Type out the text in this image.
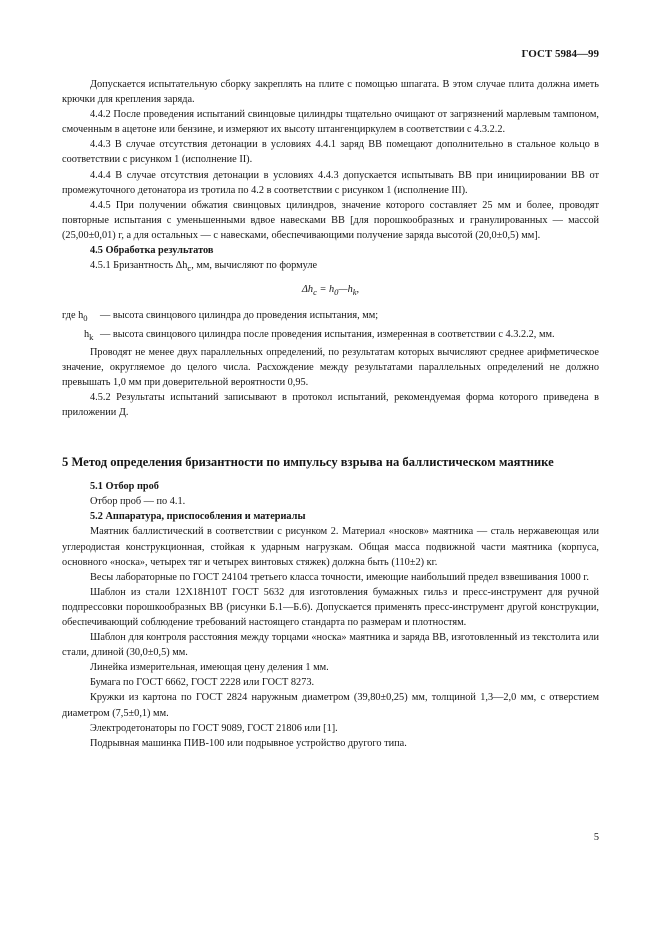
ГОСТ 5984—99

Допускается испытательную сборку закреплять на плите с помощью шпагата. В этом случае плита должна иметь крючки для крепления заряда.

4.4.2 После проведения испытаний свинцовые цилиндры тщательно очищают от загрязнений марлевым тампоном, смоченным в ацетоне или бензине, и измеряют их высоту штангенциркулем в соответствии с 4.3.2.2.

4.4.3 В случае отсутствия детонации в условиях 4.4.1 заряд ВВ помещают дополнительно в стальное кольцо в соответствии с рисунком 1 (исполнение II).

4.4.4 В случае отсутствия детонации в условиях 4.4.3 допускается испытывать ВВ при инициировании ВВ от промежуточного детонатора из тротила по 4.2 в соответствии с рисунком 1 (исполнение III).

4.4.5 При получении обжатия свинцовых цилиндров, значение которого составляет 25 мм и более, проводят повторные испытания с уменьшенными вдвое навесками ВВ [для порошкообразных и гранулированных — массой (25,00±0,01) г, а для остальных — с навесками, обеспечивающими получение заряда высотой (20,0±0,5) мм].

4.5 Обработка результатов

4.5.1 Бризантность $\Delta h_c$, мм, вычисляют по формуле

$\Delta h_c$ = $h_0—h_k$,

где $h_0$	— высота свинцового цилиндра до проведения испытания, мм;
$h_k$ — высота свинцового цилиндра после проведения испытания, измеренная в соответствии с 4.3.2.2, мм.

Проводят не менее двух параллельных определений, по результатам которых вычисляют среднее арифметическое значение, округляемое до целого числа. Расхождение между результатами параллельных определений не должно превышать 1,0 мм при доверительной вероятности 0,95.

4.5.2 Результаты испытаний записывают в протокол испытаний, рекомендуемая форма которого приведена в приложении Д.

5 Метод определения бризантности по импульсу взрыва на баллистическом маятнике

5.1 Отбор проб

Отбор проб — по 4.1.

5.2 Аппаратура, приспособления и материалы

Маятник баллистический в соответствии с рисунком 2. Материал «носков» маятника — сталь нержавеющая или углеродистая конструкционная, стойкая к ударным нагрузкам. Общая масса подвижной части маятника (корпуса, основного «носка», четырех тяг и четырех винтовых стяжек) должна быть (110±2) кг.

Весы лабораторные по ГОСТ 24104 третьего класса точности, имеющие наибольший предел взвешивания 1000 г.

Шаблон из стали 12Х18Н10Т ГОСТ 5632 для изготовления бумажных гильз и пресс-инструмент для ручной подпрессовки порошкообразных ВВ (рисунки Б.1—Б.6). Допускается применять пресс-инструмент другой конструкции, обеспечивающий соблюдение требований настоящего стандарта по размерам и плотностям.

Шаблон для контроля расстояния между торцами «носка» маятника и заряда ВВ, изготовленный из текстолита или стали, длиной (30,0±0,5) мм.

Линейка измерительная, имеющая цену деления 1 мм.

Бумага по ГОСТ 6662, ГОСТ 2228 или ГОСТ 8273.

Кружки из картона по ГОСТ 2824 наружным диаметром (39,80±0,25) мм, толщиной 1,3—2,0 мм, с отверстием диаметром (7,5±0,1) мм.

Электродетонаторы по ГОСТ 9089, ГОСТ 21806 или [1].

Подрывная машинка ПИВ-100 или подрывное устройство другого типа.

5
